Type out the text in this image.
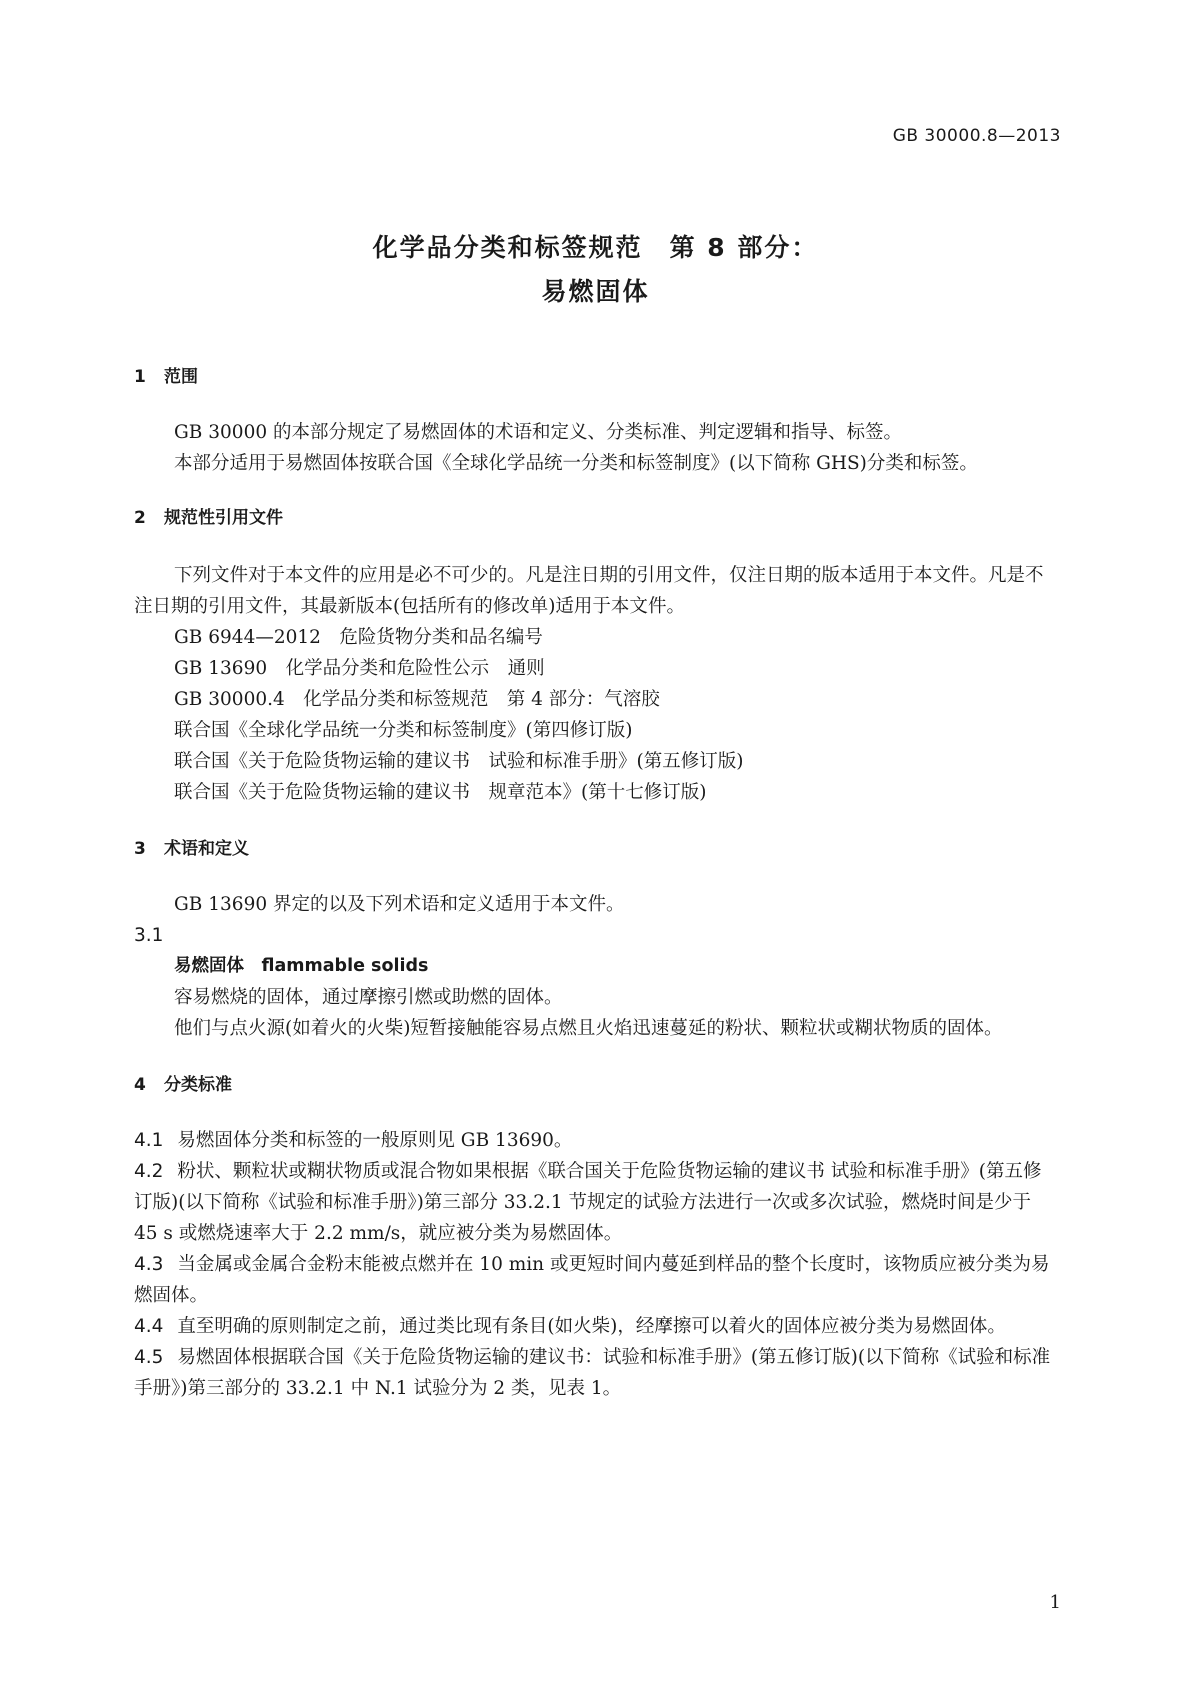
GB 30000.8—2013
化学品分类和标签规范　第 8 部分：
易燃固体
1 范围

GB 30000 的本部分规定了易燃固体的术语和定义、分类标准、判定逻辑和指导、标签。

本部分适用于易燃固体按联合国《全球化学品统一分类和标签制度》(以下简称 GHS)分类和标签。

2 规范性引用文件

下列文件对于本文件的应用是必不可少的。凡是注日期的引用文件，仅注日期的版本适用于本文件。凡是不注日期的引用文件，其最新版本(包括所有的修改单)适用于本文件。

GB 6944—2012　危险货物分类和品名编号

GB 13690　化学品分类和危险性公示　通则

GB 30000.4　化学品分类和标签规范　第 4 部分：气溶胶

联合国《全球化学品统一分类和标签制度》(第四修订版)

联合国《关于危险货物运输的建议书　试验和标准手册》(第五修订版)

联合国《关于危险货物运输的建议书　规章范本》(第十七修订版)

3 术语和定义

GB 13690 界定的以及下列术语和定义适用于本文件。

3.1

易燃固体　flammable solids

容易燃烧的固体，通过摩擦引燃或助燃的固体。

他们与点火源(如着火的火柴)短暂接触能容易点燃且火焰迅速蔓延的粉状、颗粒状或糊状物质的固体。

4 分类标准

4.1 易燃固体分类和标签的一般原则见 GB 13690。

4.2 粉状、颗粒状或糊状物质或混合物如果根据《联合国关于危险货物运输的建议书 试验和标准手册》(第五修订版)(以下简称《试验和标准手册》)第三部分 33.2.1 节规定的试验方法进行一次或多次试验，燃烧时间是少于 45 s 或燃烧速率大于 2.2 mm/s，就应被分类为易燃固体。

4.3 当金属或金属合金粉末能被点燃并在 10 min 或更短时间内蔓延到样品的整个长度时，该物质应被分类为易燃固体。

4.4 直至明确的原则制定之前，通过类比现有条目(如火柴)，经摩擦可以着火的固体应被分类为易燃固体。

4.5 易燃固体根据联合国《关于危险货物运输的建议书：试验和标准手册》(第五修订版)(以下简称《试验和标准手册》)第三部分的 33.2.1 中 N.1 试验分为 2 类，见表 1。

1
